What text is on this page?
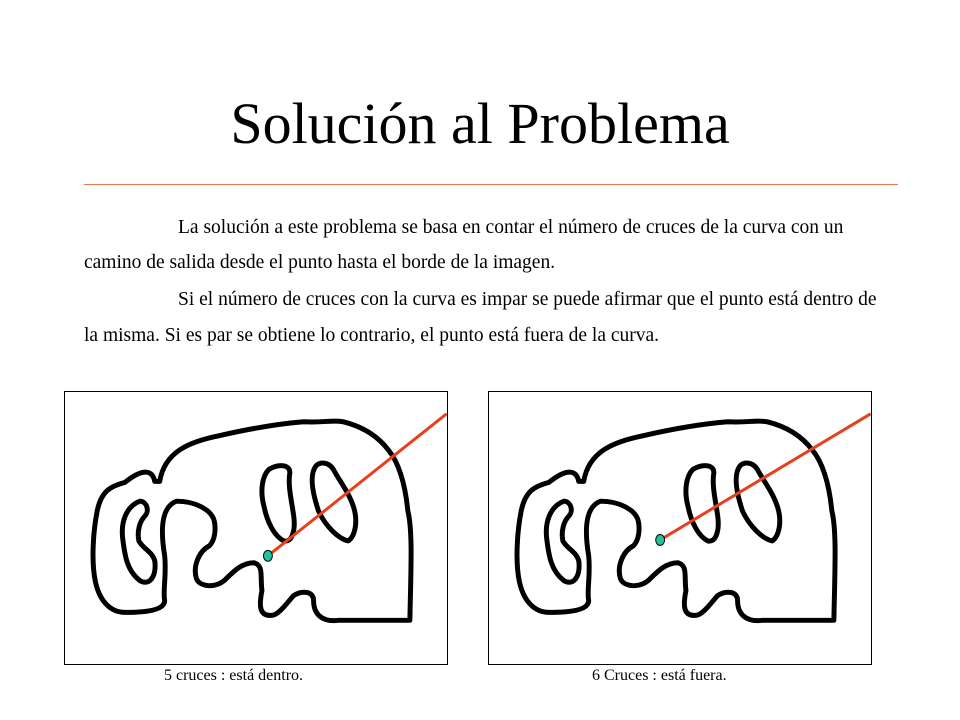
Solución al Problema

La solución a este problema se basa en contar el número de cruces de la curva con un camino de salida desde el punto hasta el borde de la imagen.

Si el número de cruces con la curva es impar se puede afirmar que el punto está dentro de la misma. Si es par se obtiene lo contrario, el punto está fuera de la curva.

5 cruces : está dentro.	6 Cruces : está fuera.
